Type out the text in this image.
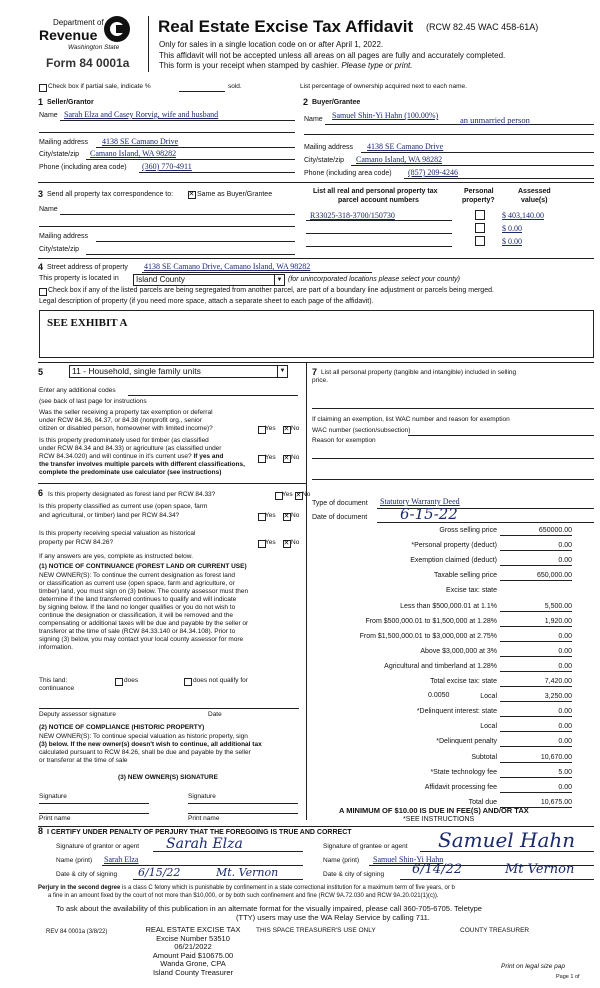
Department of
Revenue
Washington State
Form 84 0001a
Real Estate Excise Tax Affidavit (RCW 82.45 WAC 458-61A)
Only for sales in a single location code on or after April 1, 2022.
This affidavit will not be accepted unless all areas on all pages are fully and accurately completed.
This form is your receipt when stamped by cashier. Please type or print.
Check box if partial sale, indicate %	sold.	List percentage of ownership acquired next to each name.
1 Seller/Grantor
Name Sarah Elza and Casey Rorvig, wife and husband
Mailing address 4138 SE Camano Drive
City/state/zip Camano Island, WA 98282
Phone (including area code) (360) 770-4911
2 Buyer/Grantee
Name Samuel Shin-Yi Hahn (100.00%)	an unmarried person
Mailing address 4138 SE Camano Drive
City/state/zip Camano Island, WA 98282
Phone (including area code) (857) 209-4246
3 Send all property tax correspondence to: ✕	Same as Buyer/Grantee
Name
Mailing address
City/state/zip
List all real and personal property tax
parcel account numbers
Personal
property?
Assessed
value(s)
R33025-318-3700/150730	$ 403,140.00
$ 0.00
$ 0.00
4 Street address of property 4138 SE Camano Drive, Camano Island, WA 98282
This property is located in Island County	▼ (for unincorporated locations please select your county)
Check box if any of the listed parcels are being segregated from another parcel, are part of a boundary line adjustment or parcels being merged.
Legal description of property (if you need more space, attach a separate sheet to each page of the affidavit).
SEE EXHIBIT A
5	11 - Household, single family units	▼
Enter any additional codes
(see back of last page for instructions
Was the seller receiving a property tax exemption or deferral
under RCW 84.36, 84.37, or 84.38 (nonprofit org., senior
citizen or disabled person, homeowner with limited income)?	Yes ✕ No
Is this property predominately used for timber (as classified
under RCW 84.34 and 84.33) or agriculture (as classified under
RCW 84.34.020) and will continue in it's current use? If yes and
the transfer involves multiple parcels with different classifications,
complete the predominate use calculator (see instructions)
Yes ✕ No
6 Is this property designated as forest land per RCW 84.33?	Yes ✕ No
Is this property classified as current use (open space, farm
and agricultural, or timber) land per RCW 84.34?	Yes ✕ No
Is this property receiving special valuation as historical
property per RCW 84.26?	Yes ✕ No
If any answers are yes, complete as instructed below.
(1) NOTICE OF CONTINUANCE (FOREST LAND OR CURRENT USE)
NEW OWNER(S): To continue the current designation as forest land
or classification as current use (open space, farm and agriculture, or
timber) land, you must sign on (3) below. The county assessor must then
determine if the land transferred continues to qualify and will indicate
by signing below. If the land no longer qualifies or you do not wish to
continue the designation or classification, it will be removed and the
compensating or additional taxes will be due and payable by the seller or
transferor at the time of sale (RCW 84.33.140 or 84.34.108). Prior to
signing (3) below, you may contact your local county assessor for more
information.
This land:
continuance
does	does not qualify for
Deputy assessor signature	Date
(2) NOTICE OF COMPLIANCE (HISTORIC PROPERTY)
NEW OWNER(S): To continue special valuation as historic property, sign
(3) below. If the new owner(s) doesn't wish to continue, all additional tax
calculated pursuant to RCW 84.26, shall be due and payable by the seller
or transferor at the time of sale
(3) NEW OWNER(S) SIGNATURE
Signature	Signature
Print name	Print name
7 List all personal property (tangible and intangible) included in selling
price.
If claiming an exemption, list WAC number and reason for exemption
WAC number (section/subsection)
Reason for exemption
Type of document Statutory Warranty Deed
Date of document 6-15-22
Gross selling price	650000.00
*Personal property (deduct)	0.00
Exemption claimed (deduct)	0.00
Taxable selling price	650,000.00
Excise tax: state
Less than $500,000.01 at 1.1%	5,500.00
From $500,000.01 to $1,500,000 at 1.28%	1,920.00
From $1,500,000.01 to $3,000,000 at 2.75%	0.00
Above $3,000,000 at 3%	0.00
Agricultural and timberland at 1.28%	0.00
Total excise tax: state	7,420.00
Local	3,250.00
*Delinquent interest: state	0.00
Local	0.00
*Delinquent penalty	0.00
Subtotal	10,670.00
*State technology fee	5.00
Affidavit processing fee	0.00
Total due	10,675.00
0.0050
A MINIMUM OF $10.00 IS DUE IN FEE(S) AND/OR TAX
*SEE INSTRUCTIONS
8 I CERTIFY UNDER PENALTY OF PERJURY THAT THE FOREGOING IS TRUE AND CORRECT
Signature of grantor or agent Sarah Elza
Name (print) Sarah Elza
Date & city of signing 6/15/22	Mt. Vernon
Signature of grantee or agent Samuel Hahn
Name (print) Samuel Shin-Yi Hahn
Date & city of signing 6/14/22	Mt Vernon
Perjury in the second degree is a class C felony which is punishable by confinement in a state correctional institution for a maximum term of five years, or b
a fine in an amount fixed by the court of not more than $10,000, or by both such confinement and fine (RCW 9A.72.030 and RCW 9A.20.021(1)(c)).
To ask about the availability of this publication in an alternate format for the visually impaired, please call 360-705-6705. Teletype
(TTY) users may use the WA Relay Service by calling 711.
REV 84 0001a (3/8/22)	REAL ESTATE EXCISE TAX
Excise Number 53510
06/21/2022
Amount Paid $10675.00
Wanda Grone, CPA
Island County Treasurer
THIS SPACE TREASURER'S USE ONLY	COUNTY TREASURER
Print on legal size pap
Page 1 of
